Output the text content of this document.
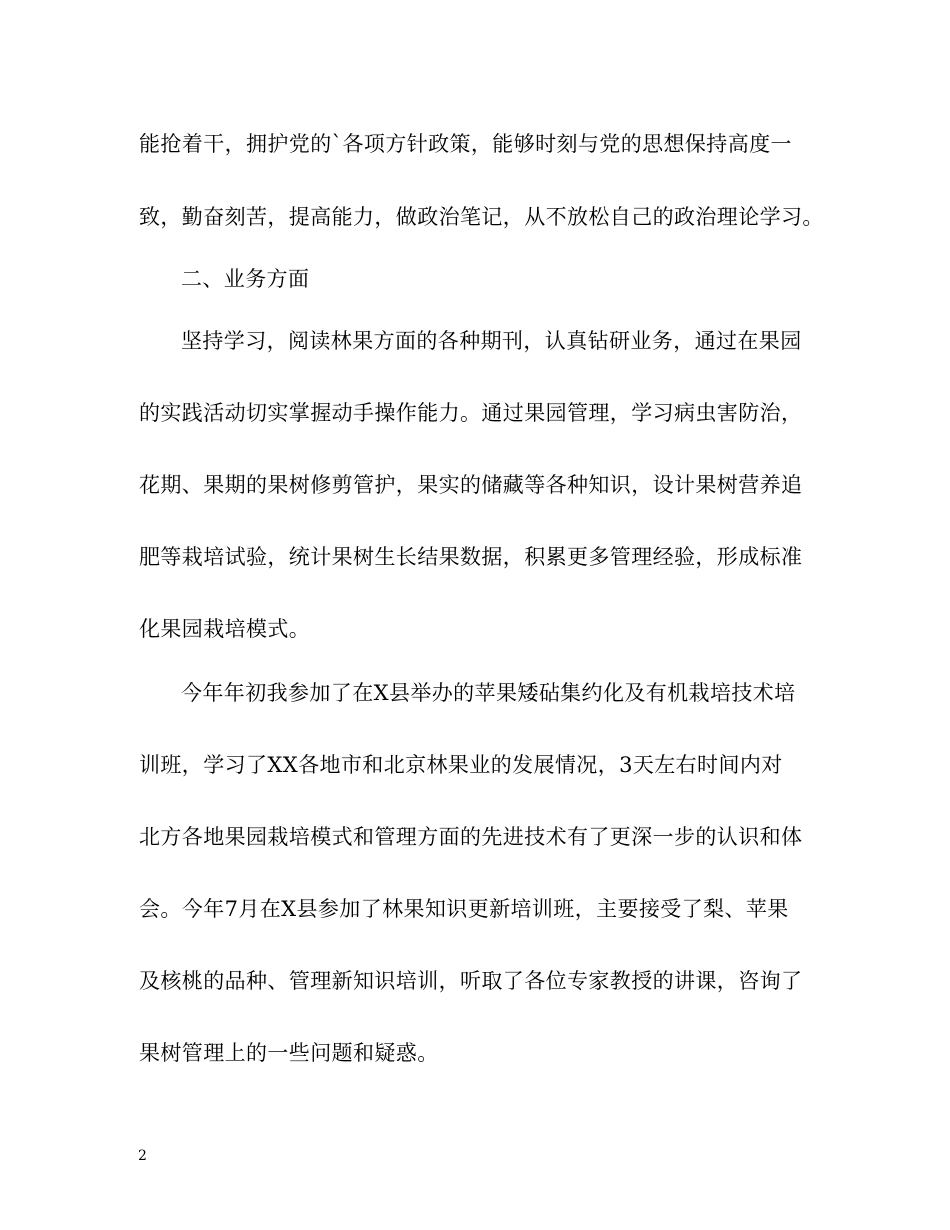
能抢着干，拥护党的`各项方针政策，能够时刻与党的思想保持高度一
致，勤奋刻苦，提高能力，做政治笔记，从不放松自己的政治理论学习。
二、业务方面
坚持学习，阅读林果方面的各种期刊，认真钻研业务，通过在果园
的实践活动切实掌握动手操作能力。通过果园管理，学习病虫害防治，
花期、果期的果树修剪管护，果实的储藏等各种知识，设计果树营养追
肥等栽培试验，统计果树生长结果数据，积累更多管理经验，形成标准
化果园栽培模式。
今年年初我参加了在X县举办的苹果矮砧集约化及有机栽培技术培
训班，学习了XX各地市和北京林果业的发展情况，3天左右时间内对
北方各地果园栽培模式和管理方面的先进技术有了更深一步的认识和体
会。今年7月在X县参加了林果知识更新培训班，主要接受了梨、苹果
及核桃的品种、管理新知识培训，听取了各位专家教授的讲课，咨询了
果树管理上的一些问题和疑惑。
2
